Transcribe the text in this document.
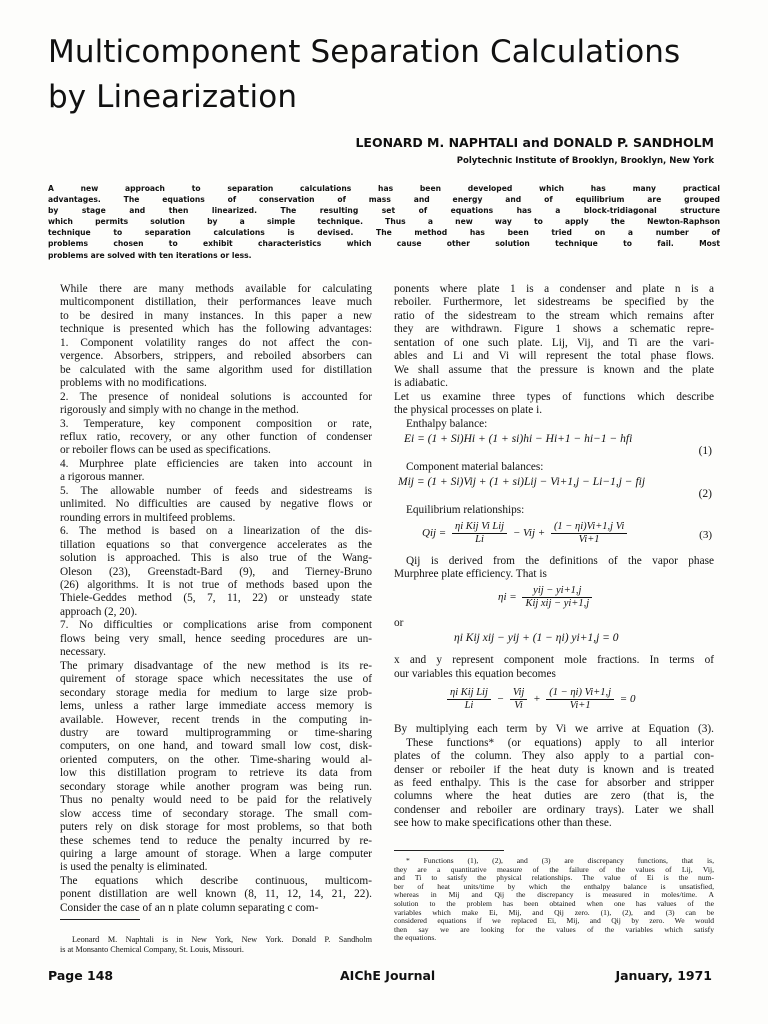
Multicomponent Separation Calculations
by Linearization
LEONARD M. NAPHTALI and DONALD P. SANDHOLM
Polytechnic Institute of Brooklyn, Brooklyn, New York
A new approach to separation calculations has been developed which has many practical
advantages. The equations of conservation of mass and energy and of equilibrium are grouped
by stage and then linearized. The resulting set of equations has a block-tridiagonal structure
which permits solution by a simple technique. Thus a new way to apply the Newton-Raphson
technique to separation calculations is devised. The method has been tried on a number of
problems chosen to exhibit characteristics which cause other solution technique to fail. Most
problems are solved with ten iterations or less.
While there are many methods available for calculating
multicomponent distillation, their performances leave much
to be desired in many instances. In this paper a new
technique is presented which has the following advantages:
1. Component volatility ranges do not affect the con-
vergence. Absorbers, strippers, and reboiled absorbers can
be calculated with the same algorithm used for distillation
problems with no modifications.
2. The presence of nonideal solutions is accounted for
rigorously and simply with no change in the method.
3. Temperature, key component composition or rate,
reflux ratio, recovery, or any other function of condenser
or reboiler flows can be used as specifications.
4. Murphree plate efficiencies are taken into account in
a rigorous manner.
5. The allowable number of feeds and sidestreams is
unlimited. No difficulties are caused by negative flows or
rounding errors in multifeed problems.
6. The method is based on a linearization of the dis-
tillation equations so that convergence accelerates as the
solution is approached. This is also true of the Wang-
Oleson (23), Greenstadt-Bard (9), and Tierney-Bruno
(26) algorithms. It is not true of methods based upon the
Thiele-Geddes method (5, 7, 11, 22) or unsteady state
approach (2, 20).
7. No difficulties or complications arise from component
flows being very small, hence seeding procedures are un-
necessary.
The primary disadvantage of the new method is its re-
quirement of storage space which necessitates the use of
secondary storage media for medium to large size prob-
lems, unless a rather large immediate access memory is
available. However, recent trends in the computing in-
dustry are toward multiprogramming or time-sharing
computers, on one hand, and toward small low cost, disk-
oriented computers, on the other. Time-sharing would al-
low this distillation program to retrieve its data from
secondary storage while another program was being run.
Thus no penalty would need to be paid for the relatively
slow access time of secondary storage. The small com-
puters rely on disk storage for most problems, so that both
these schemes tend to reduce the penalty incurred by re-
quiring a large amount of storage. When a large computer
is used the penalty is eliminated.
The equations which describe continuous, multicom-
ponent distillation are well known (8, 11, 12, 14, 21, 22).
Consider the case of an n plate column separating c com-
ponents where plate 1 is a condenser and plate n is a
reboiler. Furthermore, let sidestreams be specified by the
ratio of the sidestream to the stream which remains after
they are withdrawn. Figure 1 shows a schematic repre-
sentation of one such plate. Lij, Vij, and Ti are the vari-
ables and Li and Vi will represent the total phase flows.
We shall assume that the pressure is known and the plate
is adiabatic.
Let us examine three types of functions which describe
the physical processes on plate i.
Enthalpy balance:
Ei = (1 + Si)Hi + (1 + si)hi − Hi+1 − hi−1 − hfi
(1)
Component material balances:
Mij = (1 + Si)Vij + (1 + si)Lij − Vi+1,j − Li−1,j − fij
(2)
Equilibrium relationships:
Qij = $\frac{\text{ηi Kij Vi Lij}}{Li}$ − Vij + $\frac{\text{(1 − ηi)Vi+1,j Vi}}{Vi+1}$	(3)
Qij is derived from the definitions of the vapor phase
Murphree plate efficiency. That is
$\eta i = \frac{\text{yij − yi+1,j}}{\text{Kij xij − yi+1,j}}$
or
ηi Kij xij − yij + (1 − ηi) yi+1,j = 0
x and y represent component mole fractions. In terms of
our variables this equation becomes
$\frac{\text{ηi Kij Lij}}{Li} - \frac{\text{Vij}}{Vi} + \frac{(1 - \eta i) Vi+1,j}{Vi+1} = 0$
By multiplying each term by Vi we arrive at Equation (3).
These functions* (or equations) apply to all interior
plates of the column. They also apply to a partial con-
denser or reboiler if the heat duty is known and is treated
as feed enthalpy. This is the case for absorber and stripper
columns where the heat duties are zero (that is, the
condenser and reboiler are ordinary trays). Later we shall
see how to make specifications other than these.
* Functions (1), (2), and (3) are discrepancy functions, that is,
they are a quantitative measure of the failure of the values of Lij, Vij,
and Ti to satisfy the physical relationships. The value of Ei is the num-
ber of heat units/time by which the enthalpy balance is unsatisfied,
whereas in Mij and Qij the discrepancy is measured in moles/time. A
solution to the problem has been obtained when one has values of the
variables which make Ei, Mij, and Qij zero. (1), (2), and (3) can be
considered equations if we replaced Ei, Mij, and Qij by zero. We would
then say we are looking for the values of the variables which satisfy
the equations.
Leonard M. Naphtali is in New York, New York. Donald P. Sandholm
is at Monsanto Chemical Company, St. Louis, Missouri.
Page 148	AIChE Journal	January, 1971
